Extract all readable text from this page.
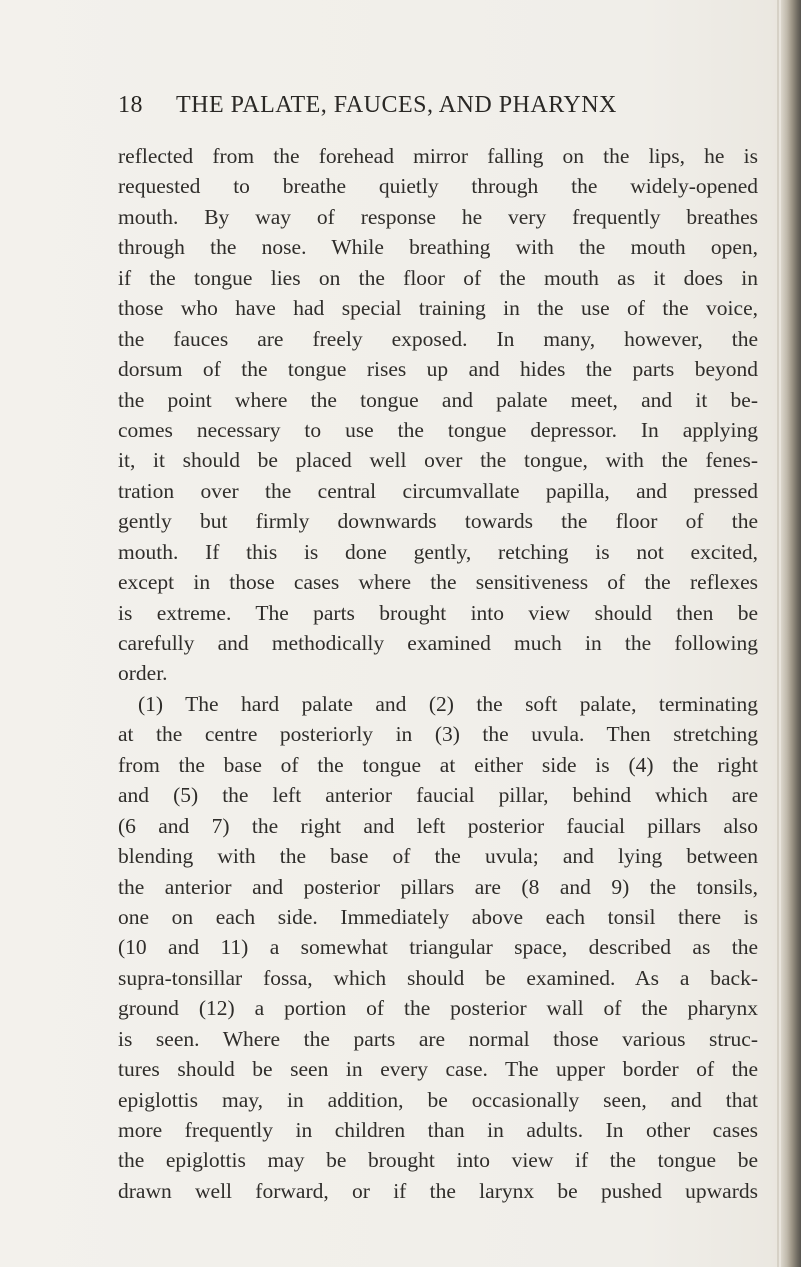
18 THE PALATE, FAUCES, AND PHARYNX
reflected from the forehead mirror falling on the lips, he is
requested to breathe quietly through the widely-opened
mouth. By way of response he very frequently breathes
through the nose. While breathing with the mouth open,
if the tongue lies on the floor of the mouth as it does in
those who have had special training in the use of the voice,
the fauces are freely exposed. In many, however, the
dorsum of the tongue rises up and hides the parts beyond
the point where the tongue and palate meet, and it be-
comes necessary to use the tongue depressor. In applying
it, it should be placed well over the tongue, with the fenes-
tration over the central circumvallate papilla, and pressed
gently but firmly downwards towards the floor of the
mouth. If this is done gently, retching is not excited,
except in those cases where the sensitiveness of the reflexes
is extreme. The parts brought into view should then be
carefully and methodically examined much in the following
order.
(1) The hard palate and (2) the soft palate, terminating
at the centre posteriorly in (3) the uvula. Then stretching
from the base of the tongue at either side is (4) the right
and (5) the left anterior faucial pillar, behind which are
(6 and 7) the right and left posterior faucial pillars also
blending with the base of the uvula; and lying between
the anterior and posterior pillars are (8 and 9) the tonsils,
one on each side. Immediately above each tonsil there is
(10 and 11) a somewhat triangular space, described as the
supra-tonsillar fossa, which should be examined. As a back-
ground (12) a portion of the posterior wall of the pharynx
is seen. Where the parts are normal those various struc-
tures should be seen in every case. The upper border of the
epiglottis may, in addition, be occasionally seen, and that
more frequently in children than in adults. In other cases
the epiglottis may be brought into view if the tongue be
drawn well forward, or if the larynx be pushed upwards
